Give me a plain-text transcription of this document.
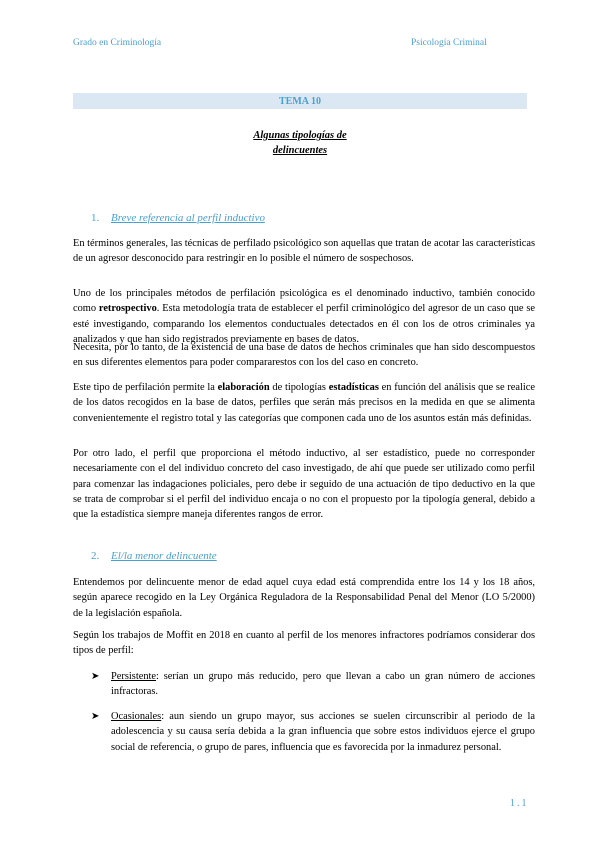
Grado en Criminología	Psicología Criminal
TEMA 10
Algunas tipologías de
delincuentes
1. Breve referencia al perfil inductivo
En términos generales, las técnicas de perfilado psicológico son aquellas que tratan de acotar las características de un agresor desconocido para restringir en lo posible el número de sospechosos.
Uno de los principales métodos de perfilación psicológica es el denominado inductivo, también conocido como retrospectivo. Esta metodología trata de establecer el perfil criminológico del agresor de un caso que se esté investigando, comparando los elementos conductuales detectados en él con los de otros criminales ya analizados y que han sido registrados previamente en bases de datos.
Necesita, por lo tanto, de la existencia de una base de datos de hechos criminales que han sido descompuestos en sus diferentes elementos para poder compararestos con los del caso en concreto.
Este tipo de perfilación permite la elaboración de tipologías estadísticas en función del análisis que se realice de los datos recogidos en la base de datos, perfiles que serán más precisos en la medida en que se alimenta convenientemente el registro total y las categorías que componen cada uno de los asuntos están más definidas.
Por otro lado, el perfil que proporciona el método inductivo, al ser estadístico, puede no corresponder necesariamente con el del individuo concreto del caso investigado, de ahí que puede ser utilizado como perfil para comenzar las indagaciones policiales, pero debe ir seguido de una actuación de tipo deductivo en la que se trata de comprobar si el perfil del individuo encaja o no con el propuesto por la tipología general, debido a que la estadística siempre maneja diferentes rangos de error.
2. El/la menor delincuente
Entendemos por delincuente menor de edad aquel cuya edad está comprendida entre los 14 y los 18 años, según aparece recogido en la Ley Orgánica Reguladora de la Responsabilidad Penal del Menor (LO 5/2000) de la legislación española.
Según los trabajos de Moffit en 2018 en cuanto al perfil de los menores infractores podríamos considerar dos tipos de perfil:
➤ Persistente: serían un grupo más reducido, pero que llevan a cabo un gran número de acciones infractoras.
➤ Ocasionales: aun siendo un grupo mayor, sus acciones se suelen circunscribir al periodo de la adolescencia y su causa sería debida a la gran influencia que sobre estos individuos ejerce el grupo social de referencia, o grupo de pares, influencia que es favorecida por la inmadurez personal.
1.1
